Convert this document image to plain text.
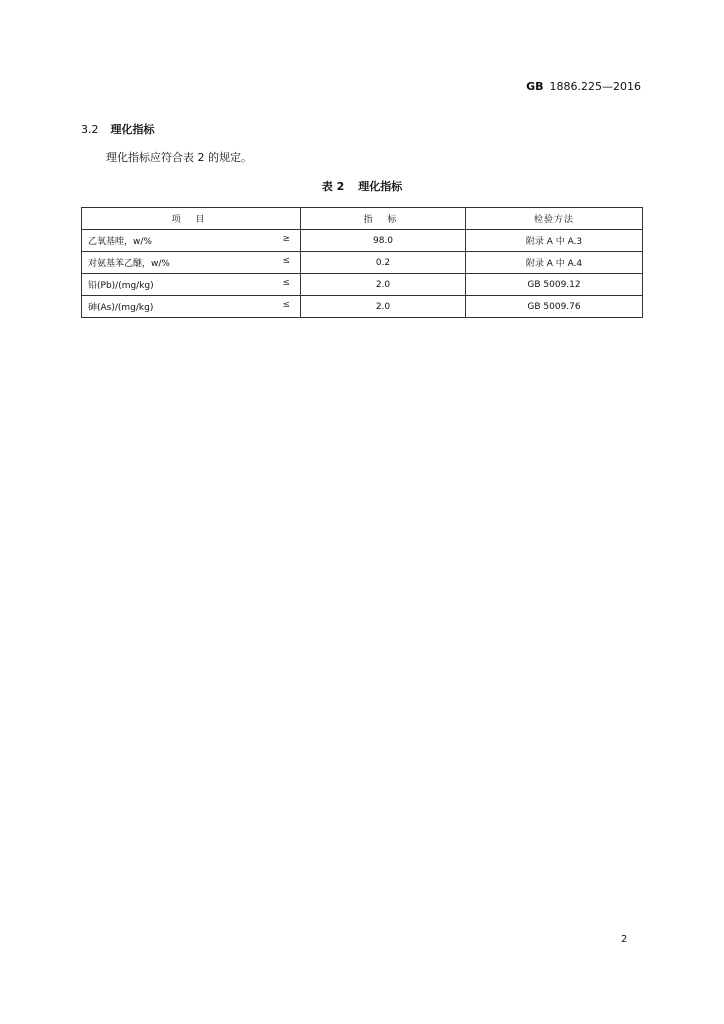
GB 1886.225—2016
3.2 理化指标
理化指标应符合表 2 的规定。
表 2 理化指标
项 目	指 标	检验方法

乙氧基喹，w/% ≥	98.0	附录 A 中 A.3

对氨基苯乙醚，w/% ≤	0.2	附录 A 中 A.4

铅(Pb)/(mg/kg) ≤	2.0	GB 5009.12

砷(As)/(mg/kg) ≤	2.0	GB 5009.76
2
